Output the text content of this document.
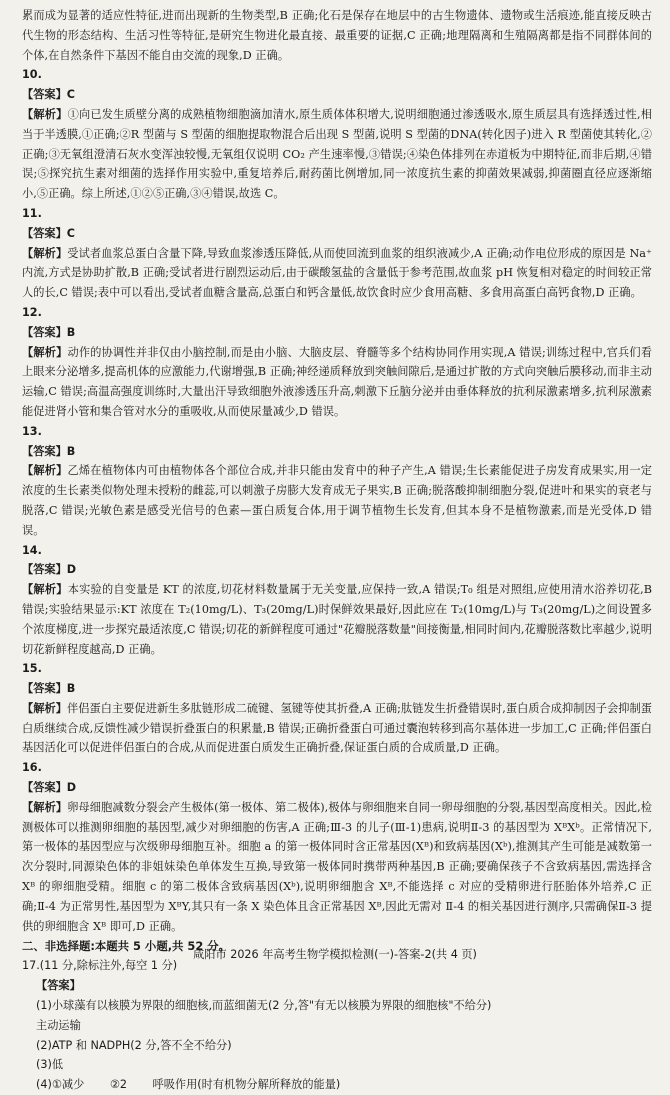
累而成为显著的适应性特征,进而出现新的生物类型,B 正确;化石是保存在地层中的古生物遗体、遗物或生活痕迹,能直接反映古代生物的形态结构、生活习性等特征,是研究生物进化最直接、最重要的证据,C 正确;地理隔离和生殖隔离都是指不同群体间的个体,在自然条件下基因不能自由交流的现象,D 正确。

10.

【答案】C

【解析】①向已发生质壁分离的成熟植物细胞滴加清水,原生质体体积增大,说明细胞通过渗透吸水,原生质层具有选择透过性,相当于半透膜,①正确;②R 型菌与 S 型菌的细胞提取物混合后出现 S 型菌,说明 S 型菌的DNA(转化因子)进入 R 型菌使其转化,②正确;③无氧组澄清石灰水变浑浊较慢,无氧组仅说明 CO₂ 产生速率慢,③错误;④染色体排列在赤道板为中期特征,而非后期,④错误;⑤探究抗生素对细菌的选择作用实验中,重复培养后,耐药菌比例增加,同一浓度抗生素的抑菌效果减弱,抑菌圈直径应逐渐缩小,⑤正确。综上所述,①②⑤正确,③④错误,故选 C。

11.

【答案】C

【解析】受试者血浆总蛋白含量下降,导致血浆渗透压降低,从而使回流到血浆的组织液减少,A 正确;动作电位形成的原因是 Na⁺ 内流,方式是协助扩散,B 正确;受试者进行剧烈运动后,由于碳酸氢盐的含量低于参考范围,故血浆 pH 恢复相对稳定的时间较正常人的长,C 错误;表中可以看出,受试者血糖含量高,总蛋白和钙含量低,故饮食时应少食用高糖、多食用高蛋白高钙食物,D 正确。

12.

【答案】B

【解析】动作的协调性并非仅由小脑控制,而是由小脑、大脑皮层、脊髓等多个结构协同作用实现,A 错误;训练过程中,官兵们看上眼来分泌增多,提高机体的应激能力,代谢增强,B 正确;神经递质释放到突触间隙后,是通过扩散的方式向突触后膜移动,而非主动运输,C 错误;高温高强度训练时,大量出汗导致细胞外液渗透压升高,刺激下丘脑分泌并由垂体释放的抗利尿激素增多,抗利尿激素能促进肾小管和集合管对水分的重吸收,从而使尿量减少,D 错误。

13.

【答案】B

【解析】乙烯在植物体内可由植物体各个部位合成,并非只能由发育中的种子产生,A 错误;生长素能促进子房发育成果实,用一定浓度的生长素类似物处理未授粉的雌蕊,可以刺激子房膨大发育成无子果实,B 正确;脱落酸抑制细胞分裂,促进叶和果实的衰老与脱落,C 错误;光敏色素是感受光信号的色素—蛋白质复合体,用于调节植物生长发育,但其本身不是植物激素,而是光受体,D 错误。

14.

【答案】D

【解析】本实验的自变量是 KT 的浓度,切花材料数量属于无关变量,应保持一致,A 错误;T₀ 组是对照组,应使用清水浴养切花,B 错误;实验结果显示:KT 浓度在 T₂(10mg/L)、T₃(20mg/L)时保鲜效果最好,因此应在 T₂(10mg/L)与 T₃(20mg/L)之间设置多个浓度梯度,进一步探究最适浓度,C 错误;切花的新鲜程度可通过"花瓣脱落数量"间接衡量,相同时间内,花瓣脱落数比率越少,说明切花新鲜程度越高,D 正确。

15.

【答案】B

【解析】伴侣蛋白主要促进新生多肽链形成二硫键、氢键等使其折叠,A 正确;肽链发生折叠错误时,蛋白质合成抑制因子会抑制蛋白质继续合成,反馈性减少错误折叠蛋白的积累量,B 错误;正确折叠蛋白可通过囊泡转移到高尔基体进一步加工,C 正确;伴侣蛋白基因活化可以促进伴侣蛋白的合成,从而促进蛋白质发生正确折叠,保证蛋白质的合成质量,D 正确。

16.

【答案】D

【解析】卵母细胞减数分裂会产生极体(第一极体、第二极体),极体与卵细胞来自同一卵母细胞的分裂,基因型高度相关。因此,检测极体可以推测卵细胞的基因型,减少对卵细胞的伤害,A 正确;Ⅲ-3 的儿子(Ⅲ-1)患病,说明Ⅱ-3 的基因型为 XᴮXᵇ。正常情况下,第一极体的基因型应与次级卵母细胞互补。细胞 a 的第一极体同时含正常基因(Xᴮ)和致病基因(Xᵇ),推测其产生可能是减数第一次分裂时,同源染色体的非姐妹染色单体发生互换,导致第一极体同时携带两种基因,B 正确;要确保孩子不含致病基因,需选择含 Xᴮ 的卵细胞受精。细胞 c 的第二极体含致病基因(Xᵇ),说明卵细胞含 Xᴮ,不能选择 c 对应的受精卵进行胚胎体外培养,C 正确;Ⅱ-4 为正常男性,基因型为 XᴮY,其只有一条 X 染色体且含正常基因 Xᴮ,因此无需对 Ⅱ-4 的相关基因进行测序,只需确保Ⅱ-3 提供的卵细胞含 Xᴮ 即可,D 正确。

二、非选择题:本题共 5 小题,共 52 分。

17.(11 分,除标注外,每空 1 分)

【答案】

(1)小球藻有以核膜为界限的细胞核,而蓝细菌无(2 分,答"有无以核膜为界限的细胞核"不给分)

主动运输

(2)ATP 和 NADPH(2 分,答不全不给分)

(3)低

(4)①减少 ②2 呼吸作用(时有机物分解所释放的能量)

咸阳市 2026 年高考生物学模拟检测(一)-答案-2(共 4 页)
